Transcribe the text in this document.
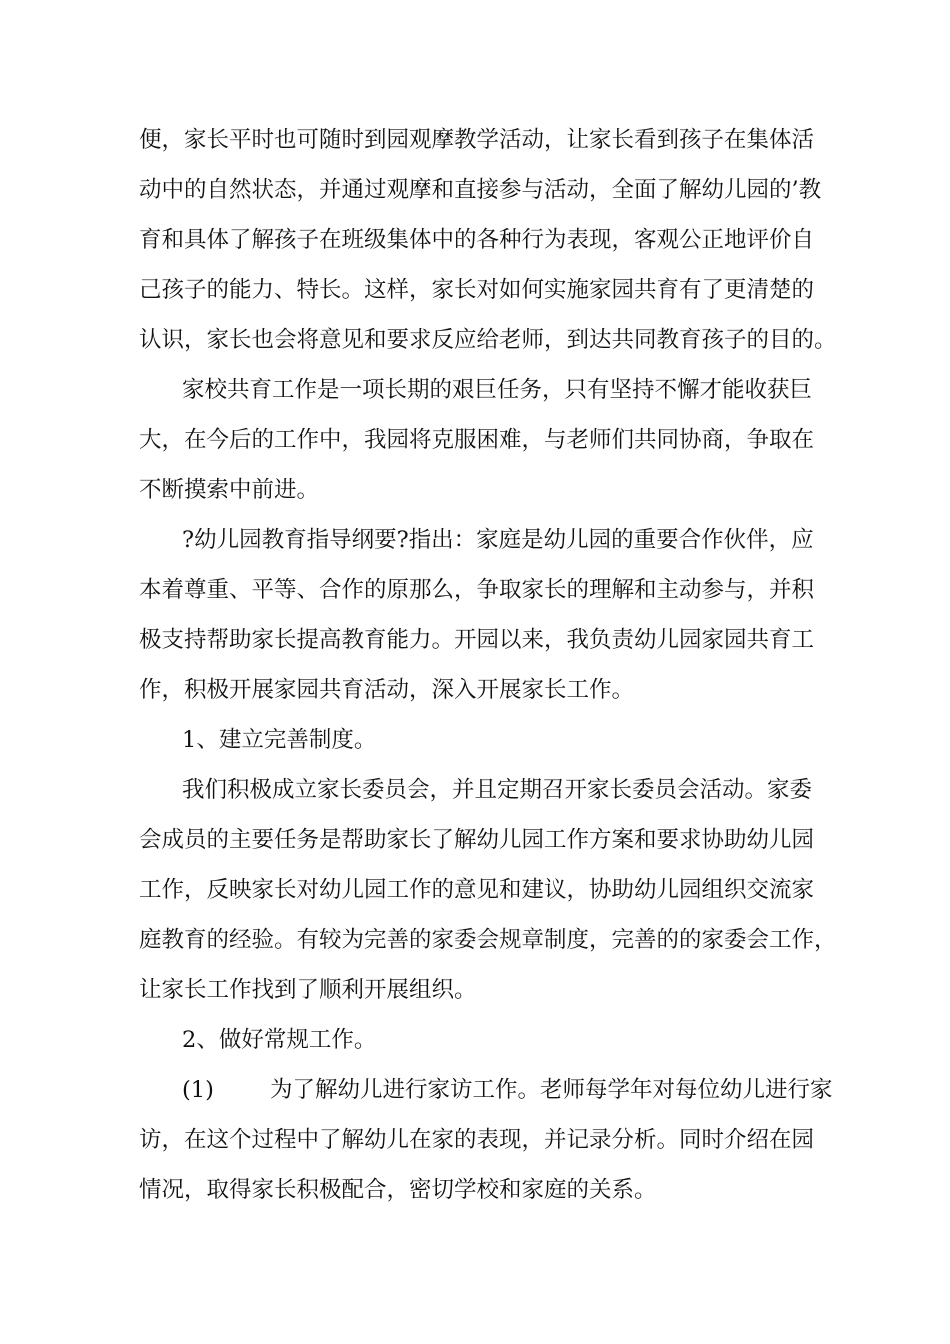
便，家长平时也可随时到园观摩教学活动，让家长看到孩子在集体活
动中的自然状态，并通过观摩和直接参与活动，全面了解幼儿园的’教
育和具体了解孩子在班级集体中的各种行为表现，客观公正地评价自
己孩子的能力、特长。这样，家长对如何实施家园共育有了更清楚的
认识，家长也会将意见和要求反应给老师，到达共同教育孩子的目的。
家校共育工作是一项长期的艰巨任务，只有坚持不懈才能收获巨
大，在今后的工作中，我园将克服困难，与老师们共同协商，争取在
不断摸索中前进。
?幼儿园教育指导纲要?指出：家庭是幼儿园的重要合作伙伴，应
本着尊重、平等、合作的原那么，争取家长的理解和主动参与，并积
极支持帮助家长提高教育能力。开园以来，我负责幼儿园家园共育工
作，积极开展家园共育活动，深入开展家长工作。
1、建立完善制度。
我们积极成立家长委员会，并且定期召开家长委员会活动。家委
会成员的主要任务是帮助家长了解幼儿园工作方案和要求协助幼儿园
工作，反映家长对幼儿园工作的意见和建议，协助幼儿园组织交流家
庭教育的经验。有较为完善的家委会规章制度，完善的的家委会工作，
让家长工作找到了顺利开展组织。
2、做好常规工作。
(1) 为了解幼儿进行家访工作。老师每学年对每位幼儿进行家
访，在这个过程中了解幼儿在家的表现，并记录分析。同时介绍在园
情况，取得家长积极配合，密切学校和家庭的关系。
